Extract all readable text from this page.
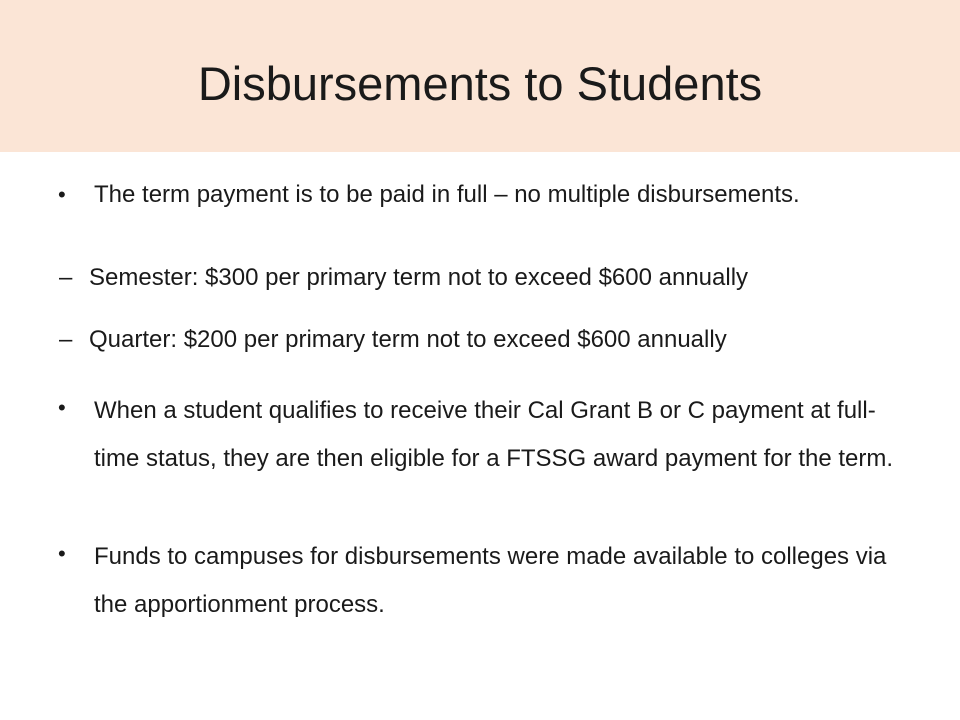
Disbursements to Students
• The term payment is to be paid in full – no multiple disbursements.
– Semester: $300 per primary term not to exceed $600 annually
– Quarter: $200 per primary term not to exceed $600 annually
• When a student qualifies to receive their Cal Grant B or C payment at full-time status, they are then eligible for a FTSSG award payment for the term.
• Funds to campuses for disbursements were made available to colleges via the apportionment process.
